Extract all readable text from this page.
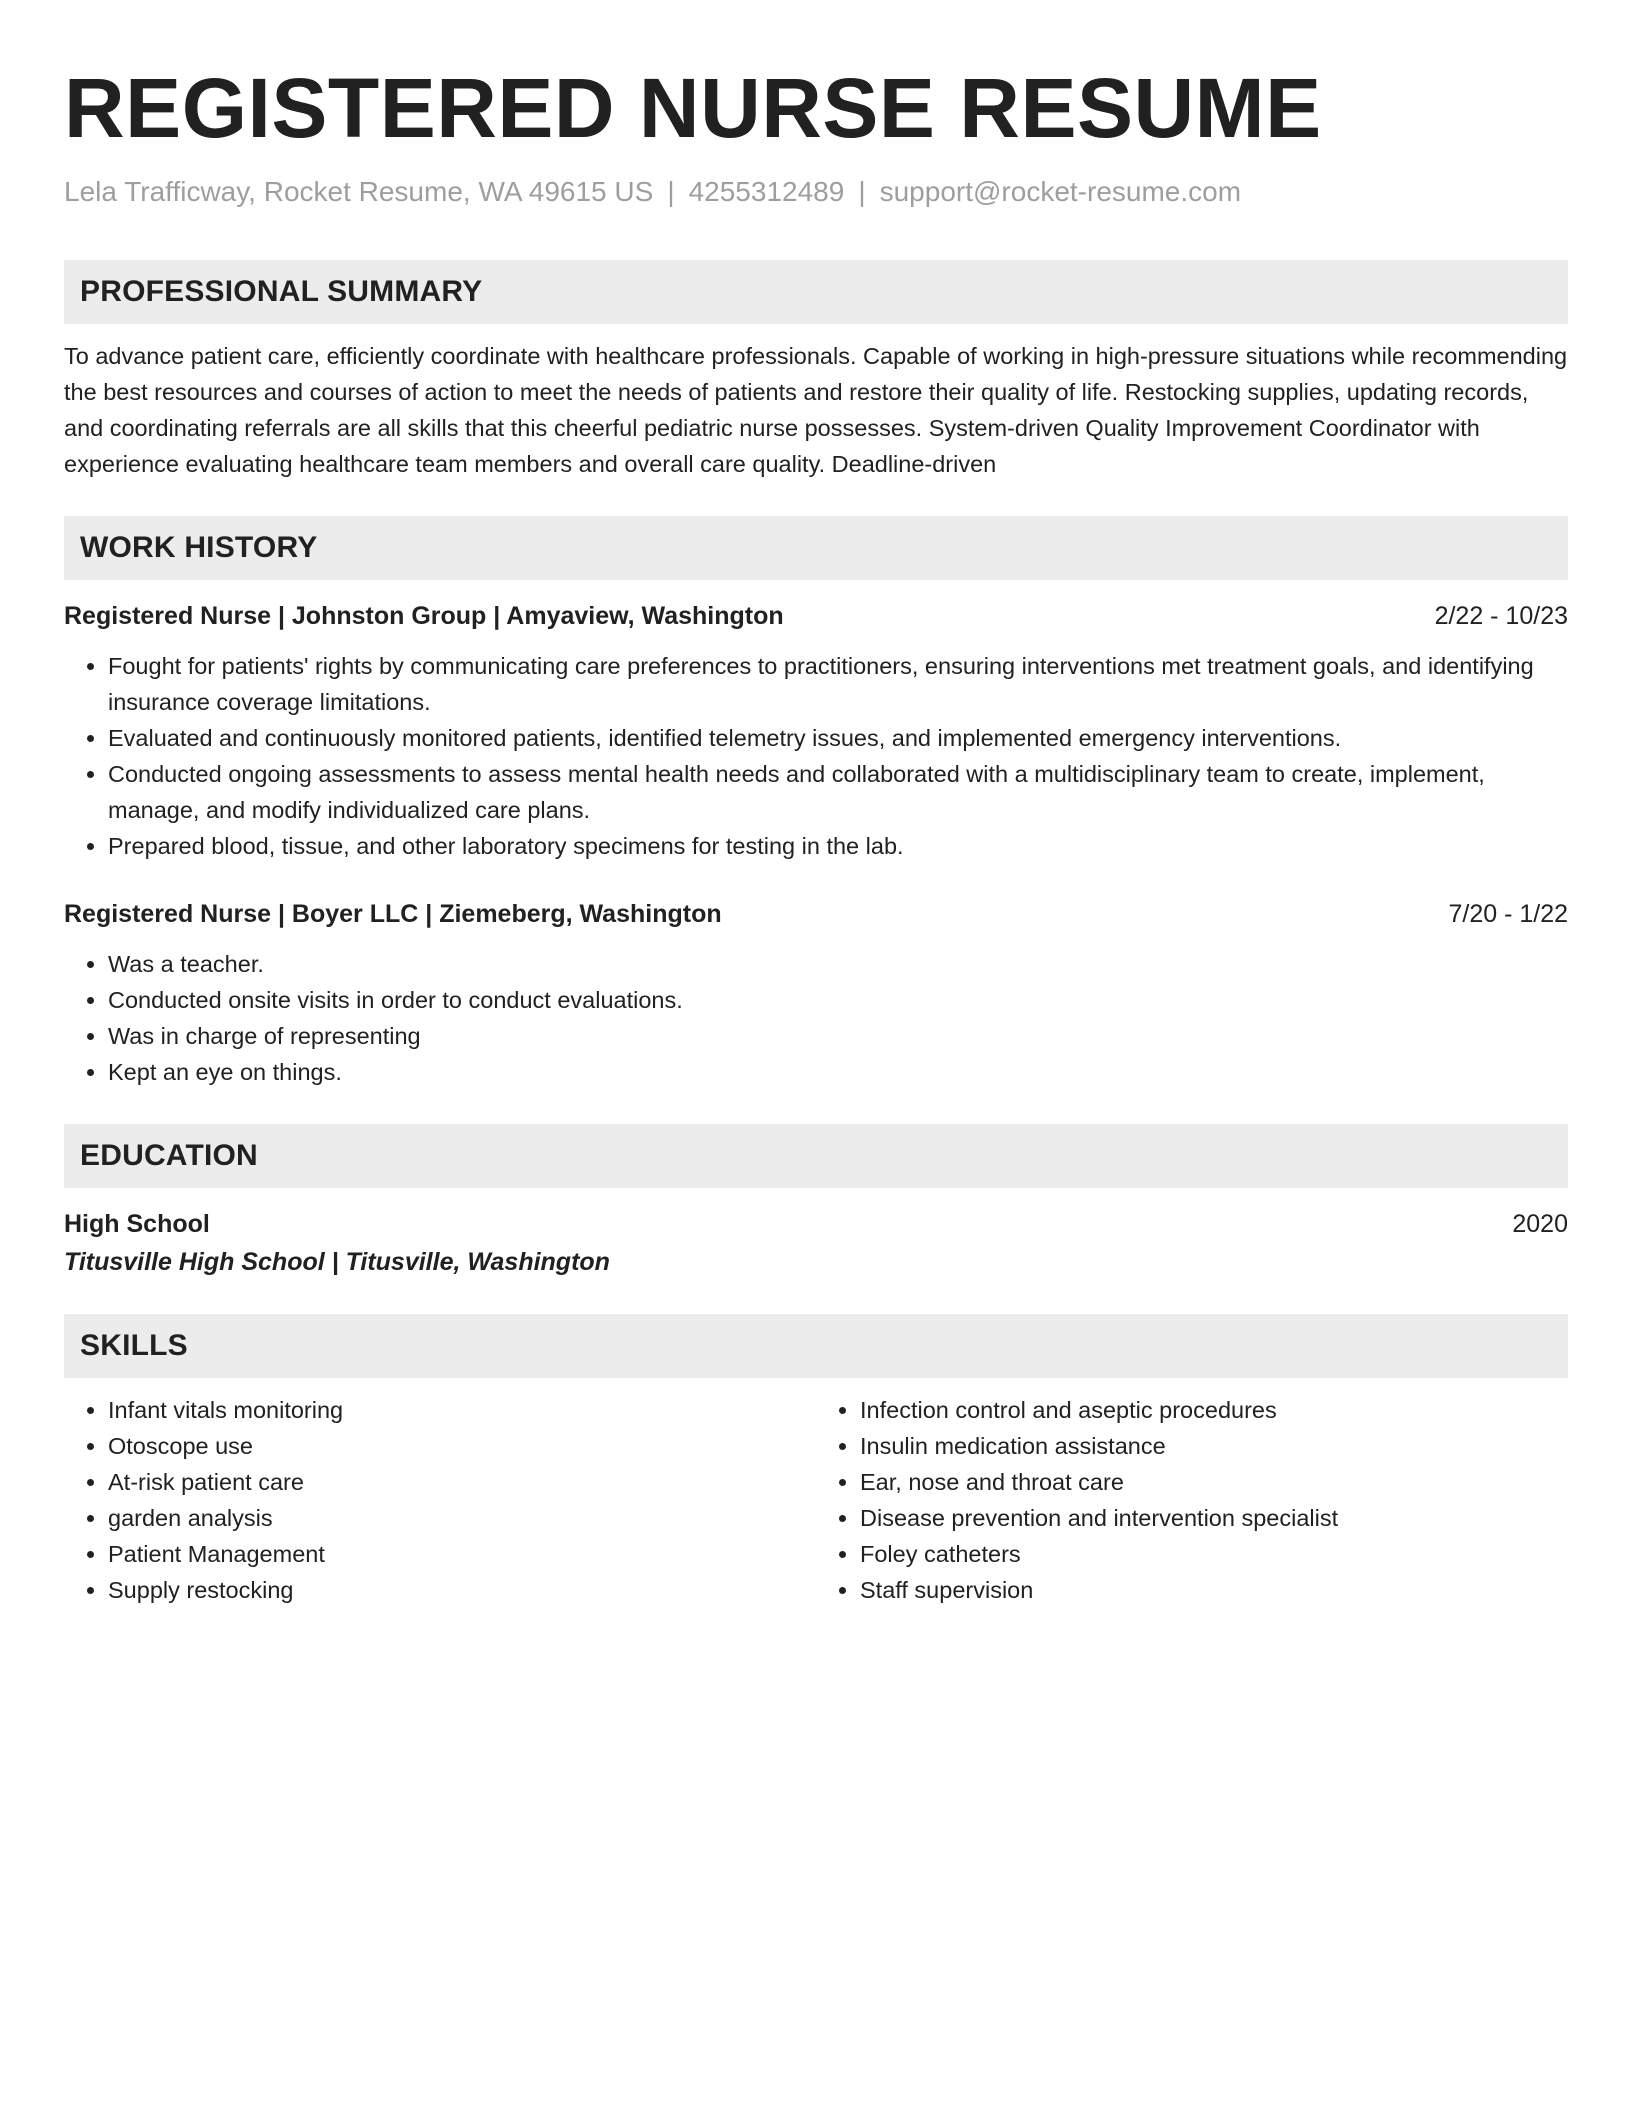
REGISTERED NURSE RESUME
Lela Trafficway, Rocket Resume, WA 49615 US | 4255312489 | support@rocket-resume.com
PROFESSIONAL SUMMARY

To advance patient care, efficiently coordinate with healthcare professionals. Capable of working in high-pressure situations while recommending the best resources and courses of action to meet the needs of patients and restore their quality of life. Restocking supplies, updating records, and coordinating referrals are all skills that this cheerful pediatric nurse possesses. System-driven Quality Improvement Coordinator with experience evaluating healthcare team members and overall care quality. Deadline-driven

WORK HISTORY
Registered Nurse | Johnston Group | Amyaview, Washington	2/22 - 10/23
• Fought for patients' rights by communicating care preferences to practitioners, ensuring interventions met treatment goals, and identifying insurance coverage limitations.
• Evaluated and continuously monitored patients, identified telemetry issues, and implemented emergency interventions.
• Conducted ongoing assessments to assess mental health needs and collaborated with a multidisciplinary team to create, implement, manage, and modify individualized care plans.
• Prepared blood, tissue, and other laboratory specimens for testing in the lab.
Registered Nurse | Boyer LLC | Ziemeberg, Washington	7/20 - 1/22
• Was a teacher.
• Conducted onsite visits in order to conduct evaluations.
• Was in charge of representing
• Kept an eye on things.
EDUCATION
High School	2020
Titusville High School | Titusville, Washington
SKILLS
• Infant vitals monitoring
• Otoscope use
• At-risk patient care
• garden analysis
• Patient Management
• Supply restocking
• Infection control and aseptic procedures
• Insulin medication assistance
• Ear, nose and throat care
• Disease prevention and intervention specialist
• Foley catheters
• Staff supervision
